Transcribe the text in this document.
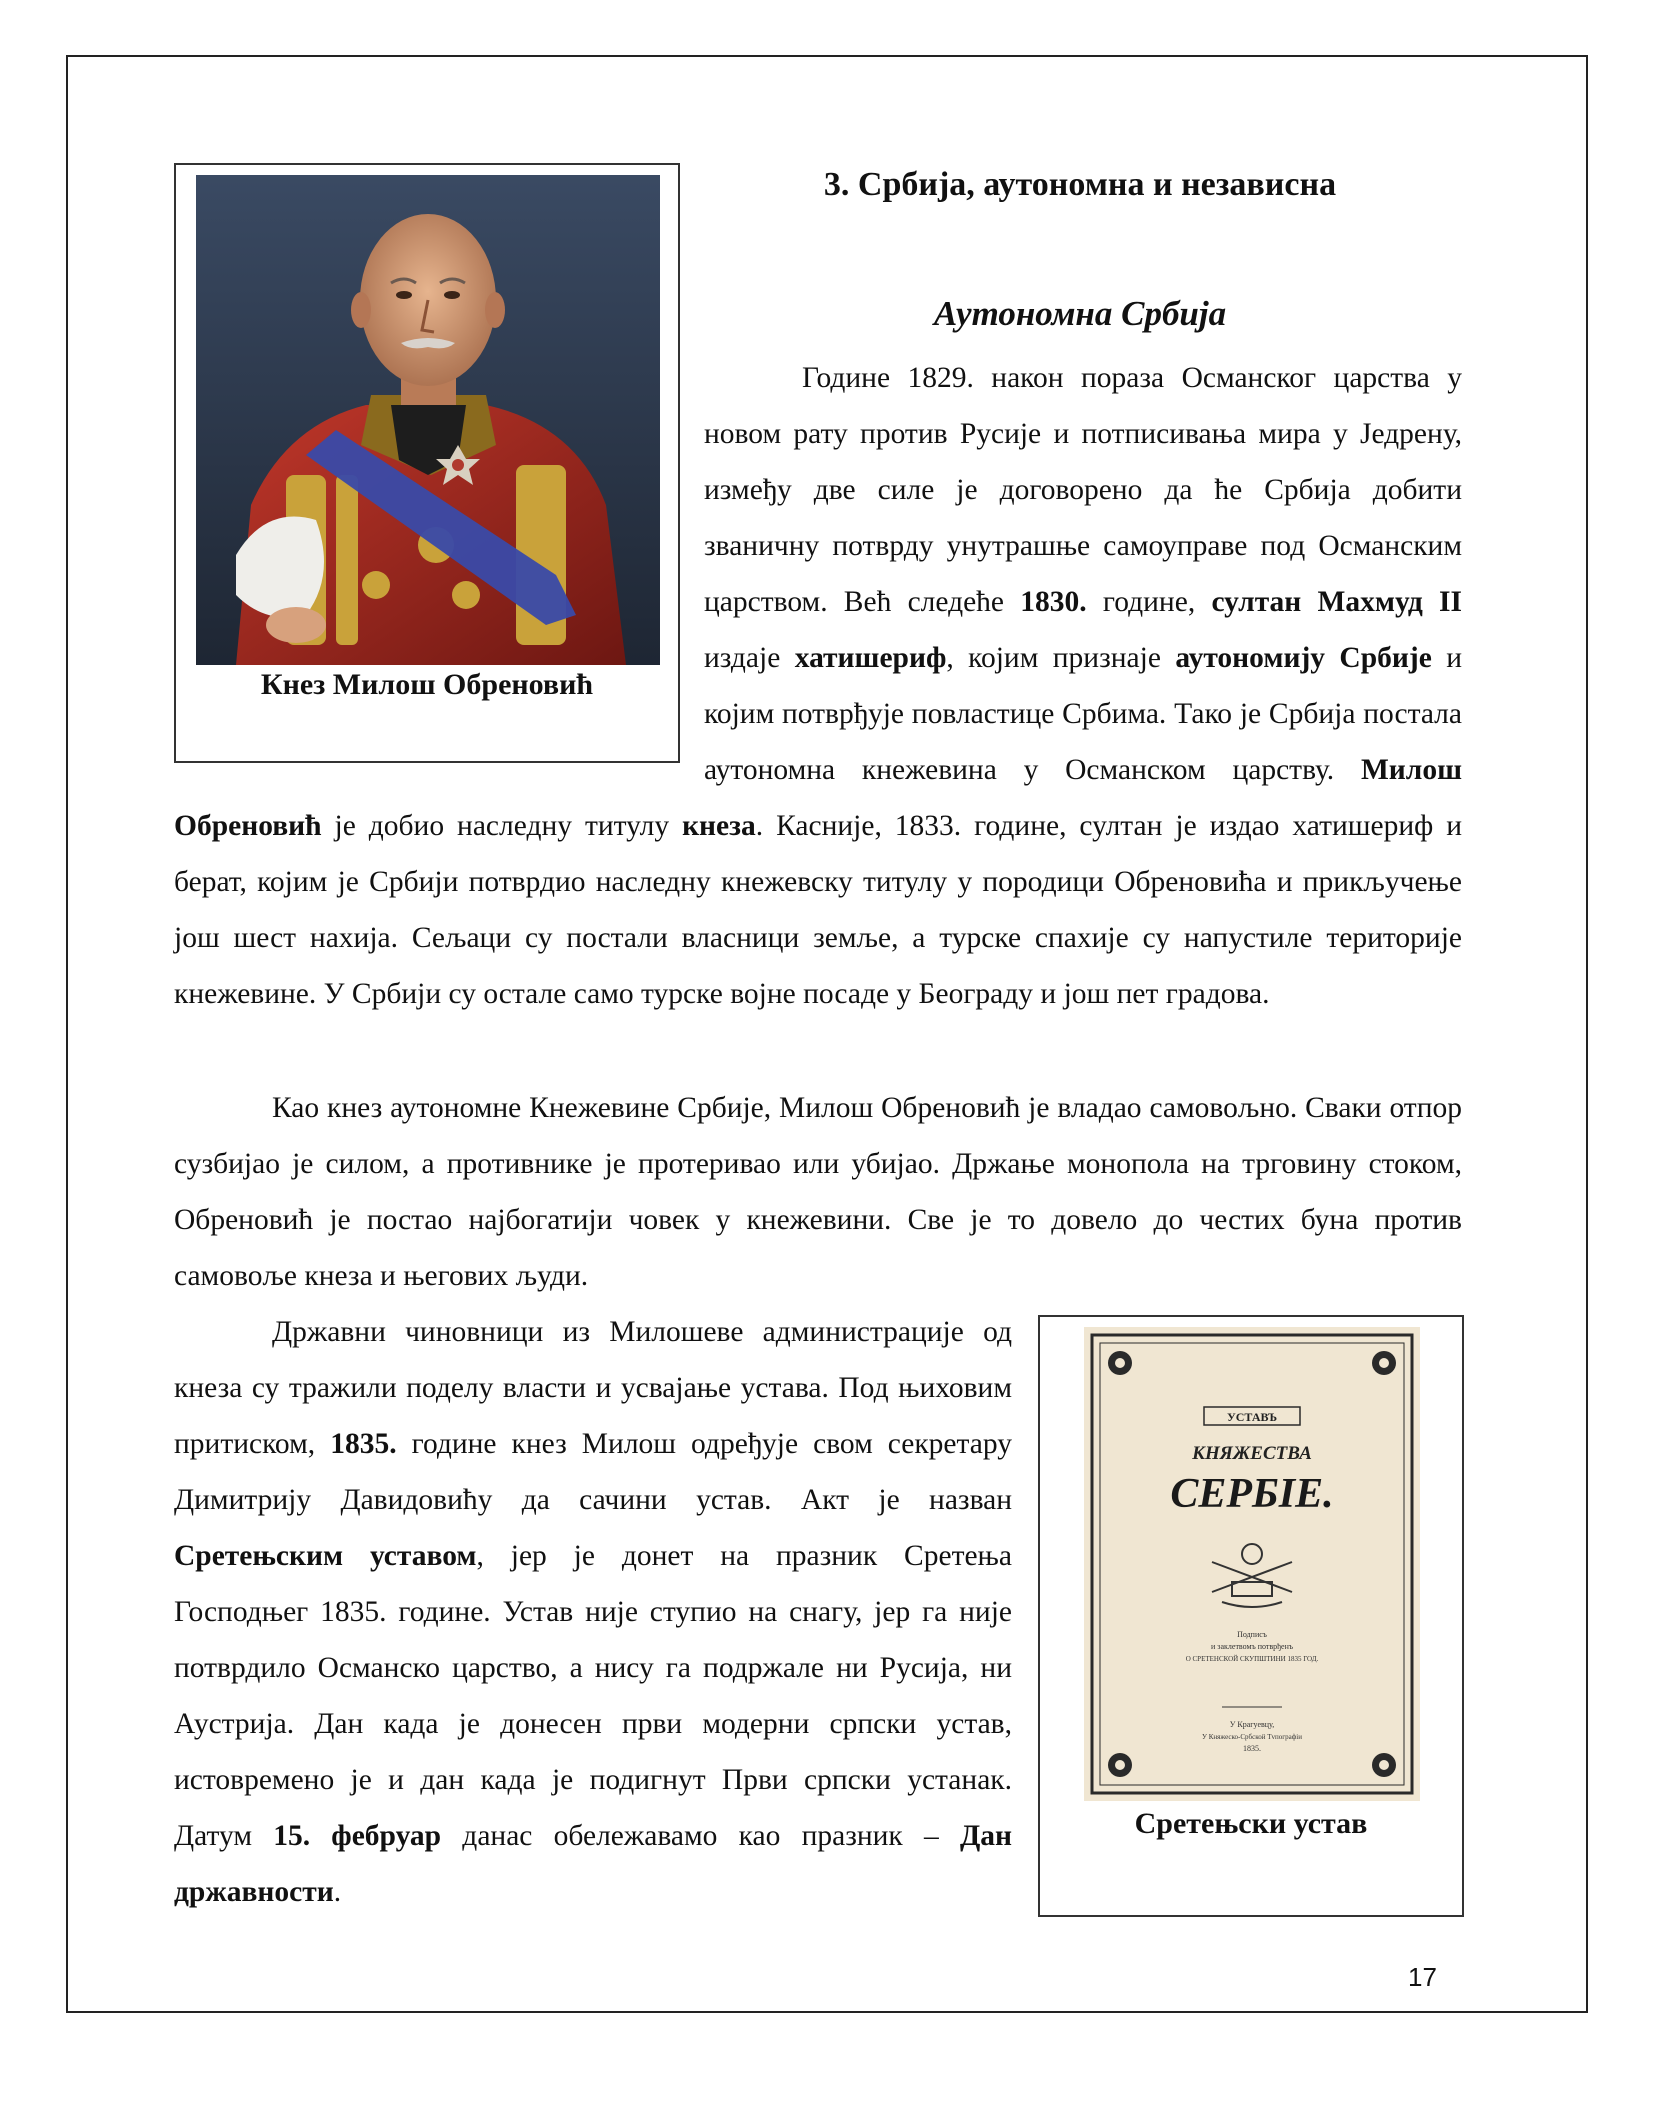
Кнез Милош Обреновић
3. Србија, аутономна и независна
Аутономна Србија
Године 1829. након пораза Османског царства у новом рату против Русије и потписивања мира у Једрену, између две силе је договорено да ће Србија добити званичну потврду унутрашње самоуправе под Османским царством. Већ следеће 1830. године, султан Махмуд II издаје хатишериф, којим признаје аутономију Србије и којим потврђује повластице Србима. Тако је Србија постала аутономна кнежевина у Османском царству. Милош Обреновић је добио наследну титулу кнеза. Касније, 1833. године, султан је издао хатишериф и берат, којим је Србији потврдио наследну кнежевску титулу у породици Обреновића и прикључење још шест нахија. Сељаци су постали власници земље, а турске спахије су напустиле територије кнежевине. У Србији су остале само турске војне посаде у Београду и још пет градова.

Као кнез аутономне Кнежевине Србије, Милош Обреновић је владао самовољно. Сваки отпор сузбијао је силом, а противнике је протеривао или убијао. Држање монопола на трговину стоком, Обреновић је постао најбогатији човек у кнежевини. Све је то довело до честих буна против самовоље кнеза и његових људи.

Државни чиновници из Милошеве администрације од кнеза су тражили поделу власти и усвајање устава. Под њиховим притиском, 1835. године кнез Милош одређује свом секретару Димитрију Давидовићу да сачини устав. Акт је назван Сретењским уставом, јер је донет на празник Сретења Господњег 1835. године. Устав није ступио на снагу, јер га није потврдило Османско царство, а нису га подржале ни Русија, ни Аустрија. Дан када је донесен први модерни српски устав, истовремено је и дан када је подигнут Први српски устанак. Датум 15. фебруар данас обележавамо као празник – Дан државности.

УСТАВЪ
КНЯЖЕСТВА
СЕРБIE.
Подписъ
и заклетвомъ потврђенъ
О СРЕТЕНСКОЙ СКУПШТИНИ 1835 ГОД.
У Крагуевцу,
У Княжеско-Србской Тvпографiи
1835.
Сретењски устав
17
